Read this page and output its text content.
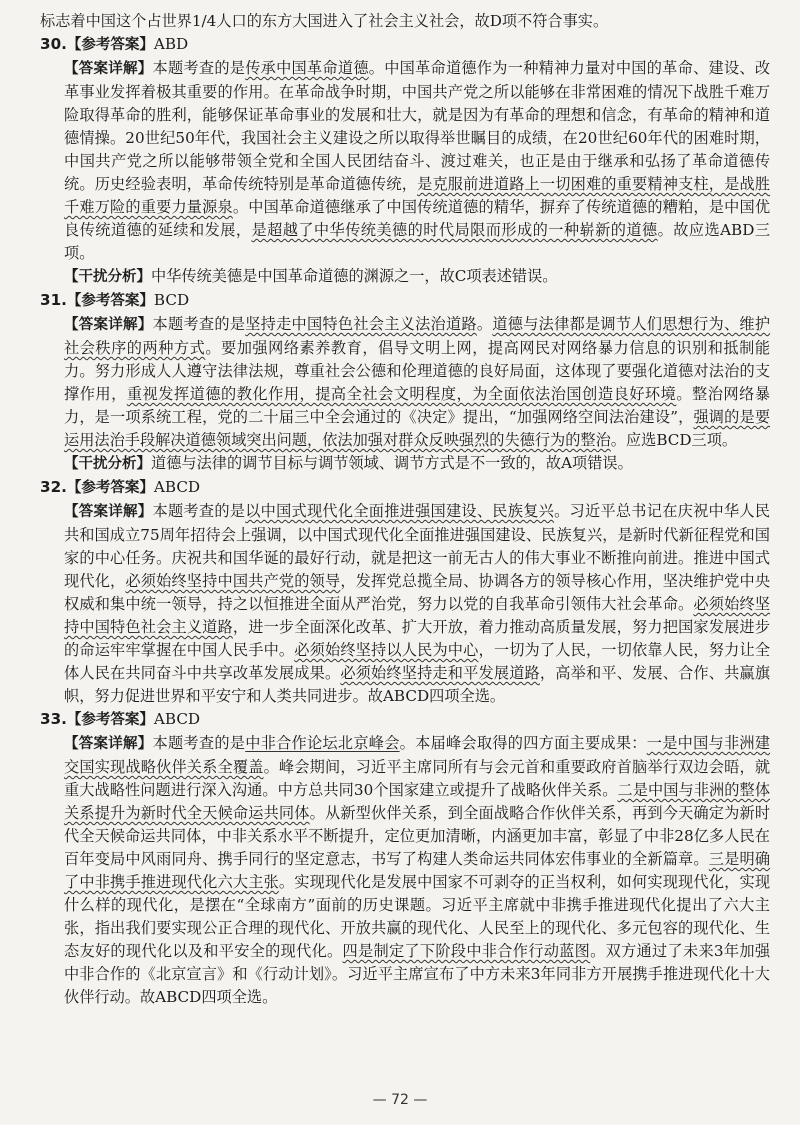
标志着中国这个占世界1/4人口的东方大国进入了社会主义社会，故D项不符合事实。

30.【参考答案】ABD

【答案详解】本题考查的是传承中国革命道德。中国革命道德作为一种精神力量对中国的革命、建设、改革事业发挥着极其重要的作用。在革命战争时期，中国共产党之所以能够在非常困难的情况下战胜千难万险取得革命的胜利，能够保证革命事业的发展和壮大，就是因为有革命的理想和信念，有革命的精神和道德情操。20世纪50年代，我国社会主义建设之所以取得举世瞩目的成绩，在20世纪60年代的困难时期，中国共产党之所以能够带领全党和全国人民团结奋斗、渡过难关，也正是由于继承和弘扬了革命道德传统。历史经验表明，革命传统特别是革命道德传统，是克服前进道路上一切困难的重要精神支柱，是战胜千难万险的重要力量源泉。中国革命道德继承了中国传统道德的精华，摒弃了传统道德的糟粕，是中国优良传统道德的延续和发展，是超越了中华传统美德的时代局限而形成的一种崭新的道德。故应选ABD三项。

【干扰分析】中华传统美德是中国革命道德的渊源之一，故C项表述错误。

31.【参考答案】BCD

【答案详解】本题考查的是坚持走中国特色社会主义法治道路。道德与法律都是调节人们思想行为、维护社会秩序的两种方式。要加强网络素养教育，倡导文明上网，提高网民对网络暴力信息的识别和抵制能力。努力形成人人遵守法律法规，尊重社会公德和伦理道德的良好局面，这体现了要强化道德对法治的支撑作用，重视发挥道德的教化作用，提高全社会文明程度，为全面依法治国创造良好环境。整治网络暴力，是一项系统工程，党的二十届三中全会通过的《决定》提出，“加强网络空间法治建设”，强调的是要运用法治手段解决道德领域突出问题，依法加强对群众反映强烈的失德行为的整治。应选BCD三项。

【干扰分析】道德与法律的调节目标与调节领域、调节方式是不一致的，故A项错误。

32.【参考答案】ABCD

【答案详解】本题考查的是以中国式现代化全面推进强国建设、民族复兴。习近平总书记在庆祝中华人民共和国成立75周年招待会上强调，以中国式现代化全面推进强国建设、民族复兴，是新时代新征程党和国家的中心任务。庆祝共和国华诞的最好行动，就是把这一前无古人的伟大事业不断推向前进。推进中国式现代化，必须始终坚持中国共产党的领导，发挥党总揽全局、协调各方的领导核心作用，坚决维护党中央权威和集中统一领导，持之以恒推进全面从严治党，努力以党的自我革命引领伟大社会革命。必须始终坚持中国特色社会主义道路，进一步全面深化改革、扩大开放，着力推动高质量发展，努力把国家发展进步的命运牢牢掌握在中国人民手中。必须始终坚持以人民为中心，一切为了人民，一切依靠人民，努力让全体人民在共同奋斗中共享改革发展成果。必须始终坚持走和平发展道路，高举和平、发展、合作、共赢旗帜，努力促进世界和平安宁和人类共同进步。故ABCD四项全选。

33.【参考答案】ABCD

【答案详解】本题考查的是中非合作论坛北京峰会。本届峰会取得的四方面主要成果：一是中国与非洲建交国实现战略伙伴关系全覆盖。峰会期间，习近平主席同所有与会元首和重要政府首脑举行双边会晤，就重大战略性问题进行深入沟通。中方总共同30个国家建立或提升了战略伙伴关系。二是中国与非洲的整体关系提升为新时代全天候命运共同体。从新型伙伴关系，到全面战略合作伙伴关系，再到今天确定为新时代全天候命运共同体，中非关系水平不断提升，定位更加清晰，内涵更加丰富，彰显了中非28亿多人民在百年变局中风雨同舟、携手同行的坚定意志，书写了构建人类命运共同体宏伟事业的全新篇章。三是明确了中非携手推进现代化六大主张。实现现代化是发展中国家不可剥夺的正当权利，如何实现现代化，实现什么样的现代化，是摆在“全球南方”面前的历史课题。习近平主席就中非携手推进现代化提出了六大主张，指出我们要实现公正合理的现代化、开放共赢的现代化、人民至上的现代化、多元包容的现代化、生态友好的现代化以及和平安全的现代化。四是制定了下阶段中非合作行动蓝图。双方通过了未来3年加强中非合作的《北京宣言》和《行动计划》。习近平主席宣布了中方未来3年同非方开展携手推进现代化十大伙伴行动。故ABCD四项全选。

— 72 —
